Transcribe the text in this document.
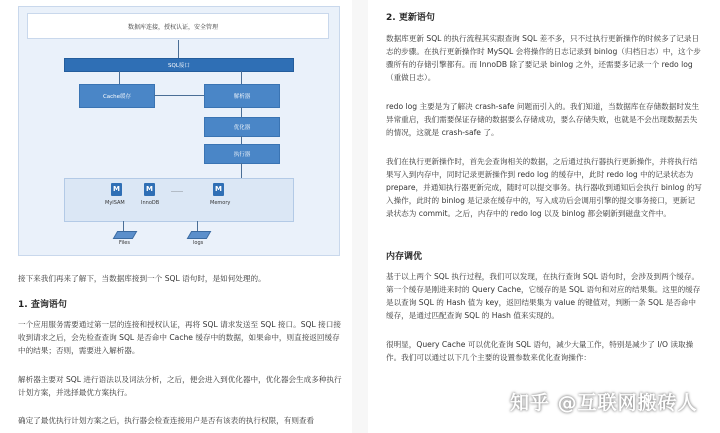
数据库连接，授权认证，安全管理
SQL接口
Cache缓存	解析器
优化器
执行器
M
MyISAM
M
InnoDB
……	M
Memory
Files	logs

接下来我们再来了解下，当数据库接到一个 SQL 语句时，是如何处理的。

1. 查询语句

一个应用服务需要通过第一层的连接和授权认证，再将 SQL 请求发送至 SQL 接口。SQL 接口接收到请求之后，会先检查查询 SQL 是否命中 Cache 缓存中的数据，如果命中，则直接返回缓存中的结果；否则，需要进入解析器。

解析器主要对 SQL 进行语法以及词法分析，之后，便会进入到优化器中，优化器会生成多种执行计划方案，并选择最优方案执行。

确定了最优执行计划方案之后，执行器会检查连接用户是否有该表的执行权限，有则查看

2. 更新语句

数据库更新 SQL 的执行流程其实跟查询 SQL 差不多，只不过执行更新操作的时候多了记录日志的步骤。在执行更新操作时 MySQL 会将操作的日志记录到 binlog（归档日志）中，这个步骤所有的存储引擎都有。而 InnoDB 除了要记录 binlog 之外，还需要多记录一个 redo log（重做日志）。

redo log 主要是为了解决 crash-safe 问题而引入的。我们知道，当数据库在存储数据时发生异常重启，我们需要保证存储的数据要么存储成功，要么存储失败，也就是不会出现数据丢失的情况，这就是 crash-safe 了。

我们在执行更新操作时，首先会查询相关的数据，之后通过执行器执行更新操作，并将执行结果写入到内存中，同时记录更新操作到 redo log 的缓存中，此时 redo log 中的记录状态为 prepare，并通知执行器更新完成，随时可以提交事务。执行器收到通知后会执行 binlog 的写入操作，此时的 binlog 是记录在缓存中的，写入成功后会调用引擎的提交事务接口，更新记录状态为 commit。之后，内存中的 redo log 以及 binlog 都会刷新到磁盘文件中。

内存调优

基于以上两个 SQL 执行过程，我们可以发现，在执行查询 SQL 语句时，会涉及到两个缓存。第一个缓存是刚进来时的 Query Cache，它缓存的是 SQL 语句和对应的结果集。这里的缓存是以查询 SQL 的 Hash 值为 key，返回结果集为 value 的键值对，判断一条 SQL 是否命中缓存，是通过匹配查询 SQL 的 Hash 值来实现的。

很明显，Query Cache 可以优化查询 SQL 语句，减少大量工作，特别是减少了 I/O 读取操作。我们可以通过以下几个主要的设置参数来优化查询操作：

知乎 @互联网搬砖人
